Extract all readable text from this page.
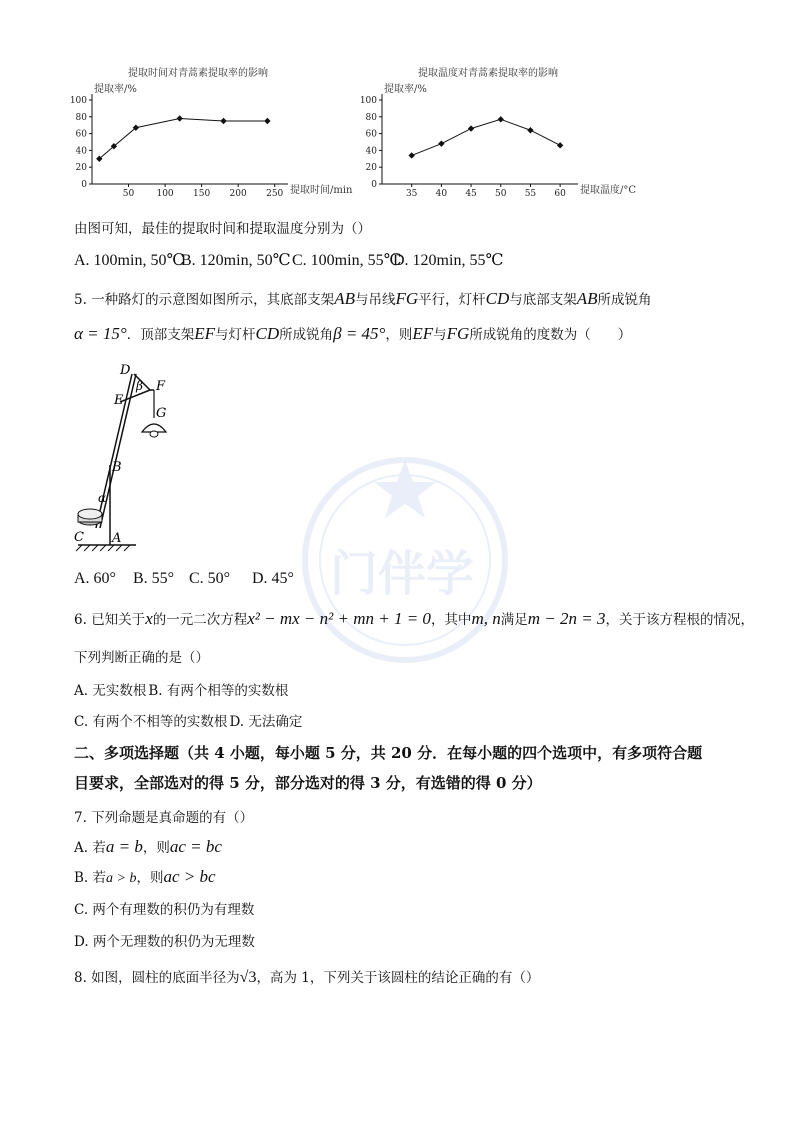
门伴学
提取时间对青蒿素提取率的影响
提取率/%
提取时间/min
0
20
40
60
80
100
50 100 150 200 250
提取温度对青蒿素提取率的影响
提取率/%
提取温度/°C
0
20
40
60
80
100
35 40 45 50 55 60
由图可知，最佳的提取时间和提取温度分别为（）
A. 100min, 50℃
B. 120min, 50℃ C. 100min, 55℃
D. 120min, 55℃
5. 一种路灯的示意图如图所示，其底部支架AB与吊线FG平行，灯杆CD与底部支架AB所成锐角
α = 15°．顶部支架EF与灯杆CD所成锐角β = 45°，则EF与FG所成锐角的度数为（　　）
D
β F
E
G
B
α
C A
A. 60° B. 55° C. 50° D. 45°
6. 已知关于x的一元二次方程x² − mx − n² + mn + 1 = 0，其中m, n满足m − 2n = 3，关于该方程根的情况，
下列判断正确的是（）
A. 无实数根 B. 有两个相等的实数根
C. 有两个不相等的实数根 D. 无法确定
二、多项选择题（共 4 小题，每小题 5 分，共 20 分．在每小题的四个选项中，有多项符合题
目要求，全部选对的得 5 分，部分选对的得 3 分，有选错的得 0 分）
7. 下列命题是真命题的有（）
A. 若a = b，则ac = bc
B. 若a > b，则ac > bc
C. 两个有理数的积仍为有理数
D. 两个无理数的积仍为无理数
8. 如图，圆柱的底面半径为√3，高为 1，下列关于该圆柱的结论正确的有（）
